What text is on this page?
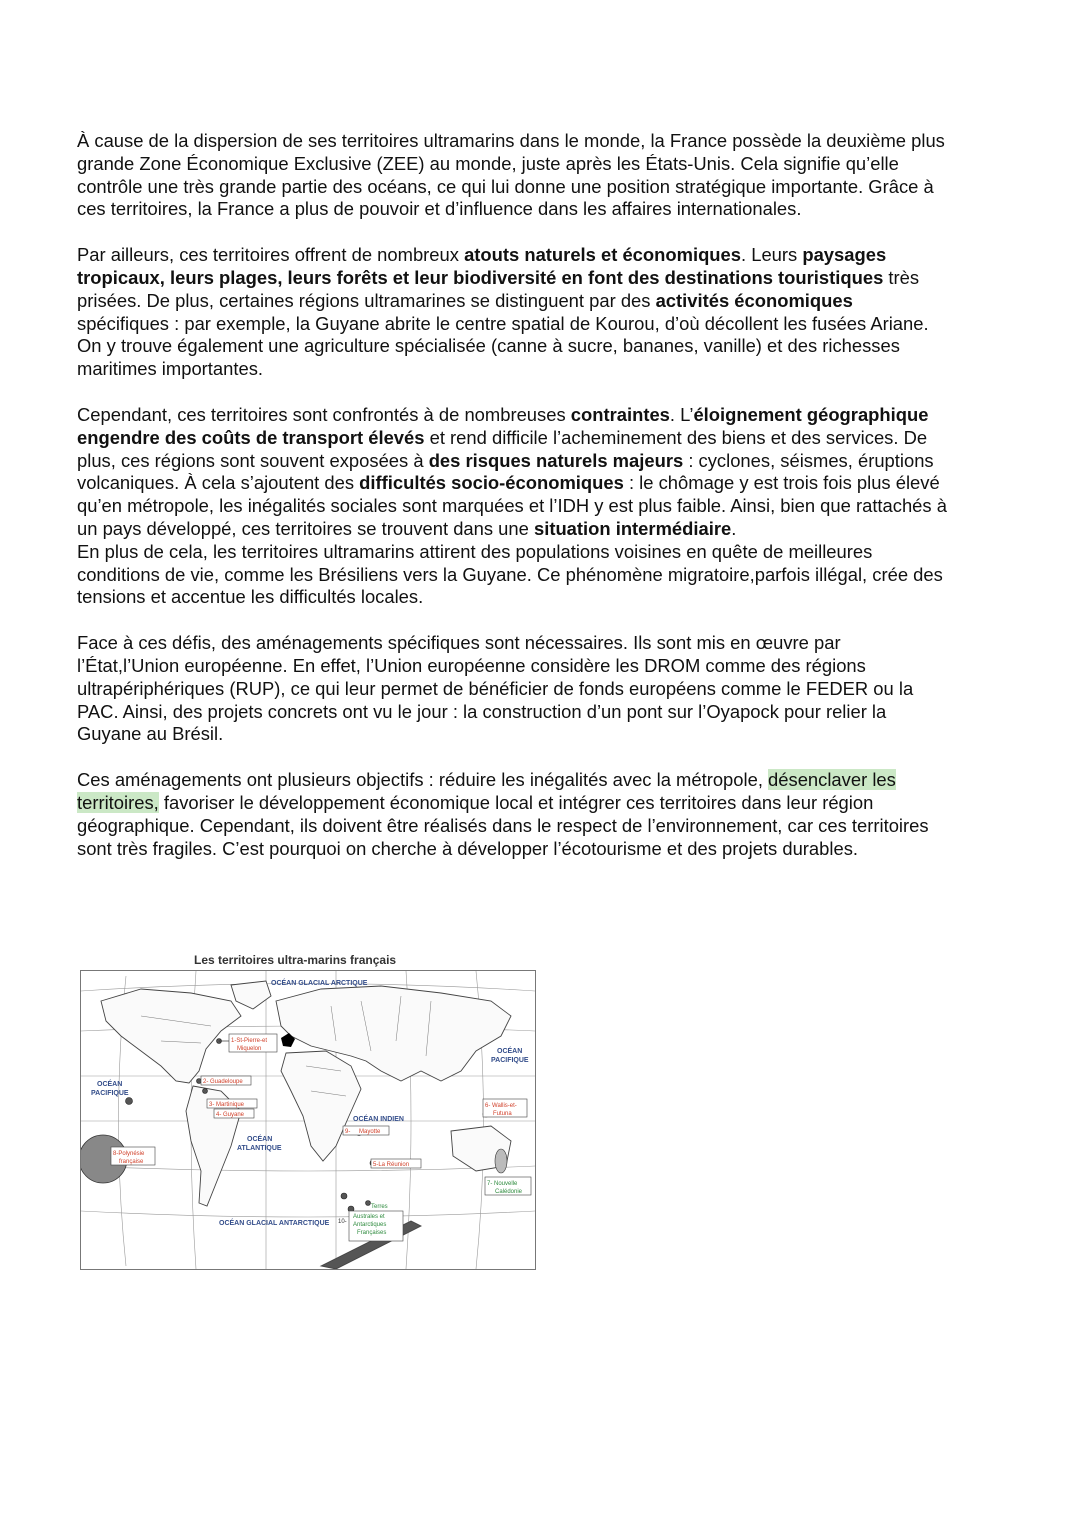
À cause de la dispersion de ses territoires ultramarins dans le monde, la France possède la deuxième plus grande Zone Économique Exclusive (ZEE) au monde, juste après les États-Unis. Cela signifie qu’elle contrôle une très grande partie des océans, ce qui lui donne une position stratégique importante. Grâce à ces territoires, la France a plus de pouvoir et d’influence dans les affaires internationales.

Par ailleurs, ces territoires offrent de nombreux atouts naturels et économiques. Leurs paysages tropicaux, leurs plages, leurs forêts et leur biodiversité en font des destinations touristiques très prisées. De plus, certaines régions ultramarines se distinguent par des activités économiques spécifiques : par exemple, la Guyane abrite le centre spatial de Kourou, d’où décollent les fusées Ariane. On y trouve également une agriculture spécialisée (canne à sucre, bananes, vanille) et des richesses maritimes importantes.

Cependant, ces territoires sont confrontés à de nombreuses contraintes. L’éloignement géographique engendre des coûts de transport élevés et rend difficile l’acheminement des biens et des services. De plus, ces régions sont souvent exposées à des risques naturels majeurs : cyclones, séismes, éruptions volcaniques. À cela s’ajoutent des difficultés socio-économiques : le chômage y est trois fois plus élevé qu’en métropole, les inégalités sociales sont marquées et l’IDH y est plus faible. Ainsi, bien que rattachés à un pays développé, ces territoires se trouvent dans une situation intermédiaire.

En plus de cela, les territoires ultramarins attirent des populations voisines en quête de meilleures conditions de vie, comme les Brésiliens vers la Guyane. Ce phénomène migratoire,parfois illégal, crée des tensions et accentue les difficultés locales.

Face à ces défis, des aménagements spécifiques sont nécessaires. Ils sont mis en œuvre par l’État,l’Union européenne. En effet, l’Union européenne considère les DROM comme des régions ultrapériphériques (RUP), ce qui leur permet de bénéficier de fonds européens comme le FEDER ou la PAC. Ainsi, des projets concrets ont vu le jour : la construction d’un pont sur l’Oyapock pour relier la Guyane au Brésil.

Ces aménagements ont plusieurs objectifs : réduire les inégalités avec la métropole, désenclaver les territoires, favoriser le développement économique local et intégrer ces territoires dans leur région géographique. Cependant, ils doivent être réalisés dans le respect de l’environnement, car ces territoires sont très fragiles. C’est pourquoi on cherche à développer l’écotourisme et des projets durables.

Les territoires ultra-marins français
OCÉAN GLACIAL ARCTIQUE
OCÉAN
PACIFIQUE
OCÉAN
PACIFIQUE
OCÉAN INDIEN
OCÉAN
ATLANTIQUE
OCÉAN GLACIAL ANTARCTIQUE
1-St-Pierre-et
Miquelon
2- Guadeloupe
3- Martinique
4- Guyane
9- Mayotte
5-La Réunion
6- Wallis-et-
Futuna
7- Nouvelle
Calédonie
8-Polynésie
française
10-
Terres
Australes et
Antarctiques
Françaises
